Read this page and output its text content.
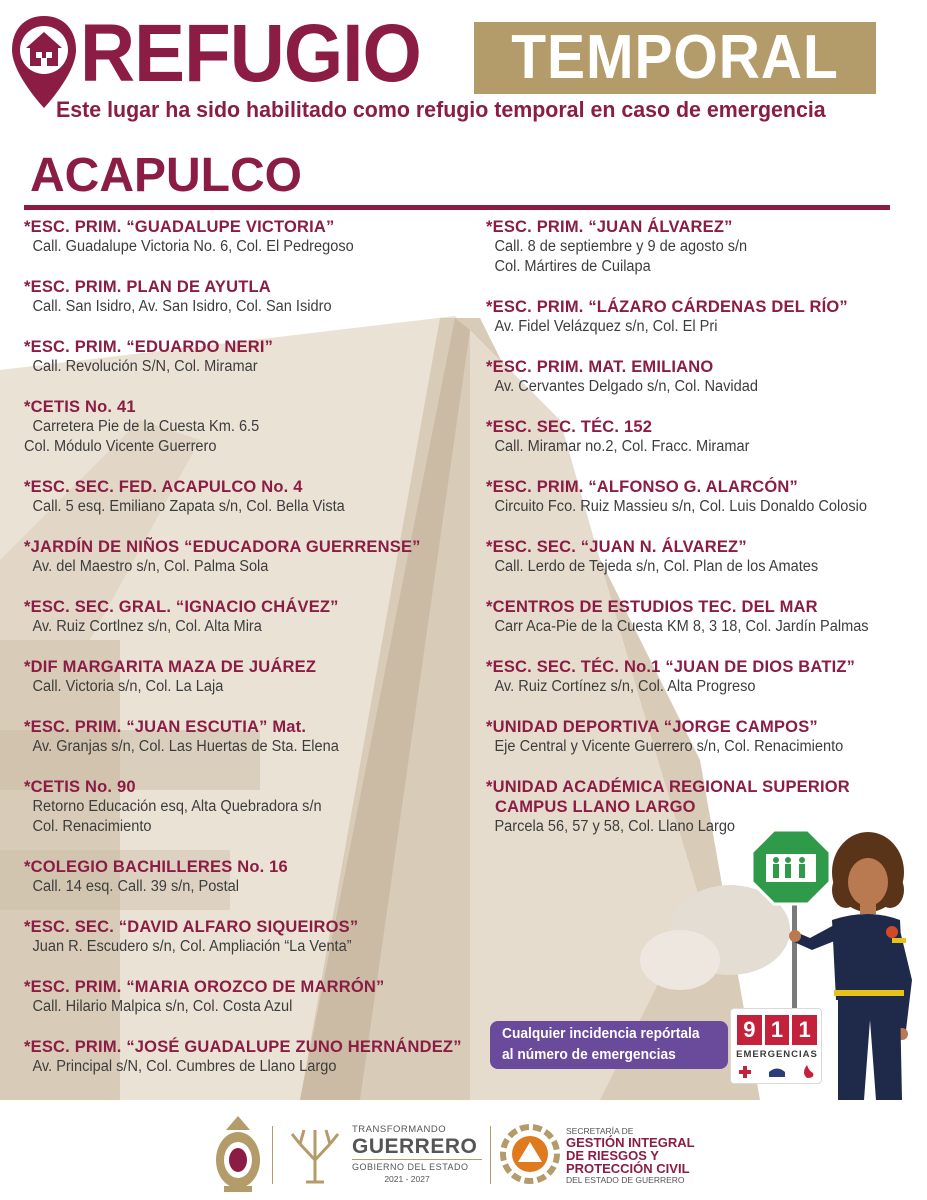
REFUGIO	TEMPORAL
Este lugar ha sido habilitado como refugio temporal en caso de emergencia
ACAPULCO
*ESC. PRIM. “GUADALUPE VICTORIA”
Call. Guadalupe Victoria No. 6, Col. El Pedregoso
*ESC. PRIM. PLAN DE AYUTLA
Call. San Isidro, Av. San Isidro, Col. San Isidro
*ESC. PRIM. “EDUARDO NERI”
Call. Revolución S/N, Col. Miramar
*CETIS No. 41
Carretera Pie de la Cuesta Km. 6.5
Col. Módulo Vicente Guerrero
*ESC. SEC. FED. ACAPULCO No. 4
Call. 5 esq. Emiliano Zapata s/n, Col. Bella Vista
*JARDÍN DE NIÑOS “EDUCADORA GUERRENSE”
Av. del Maestro s/n, Col. Palma Sola
*ESC. SEC. GRAL. “IGNACIO CHÁVEZ”
Av. Ruiz Cortlnez s/n, Col. Alta Mira
*DIF MARGARITA MAZA DE JUÁREZ
Call. Victoria s/n, Col. La Laja
*ESC. PRIM. “JUAN ESCUTIA” Mat.
Av. Granjas s/n, Col. Las Huertas de Sta. Elena
*CETIS No. 90
Retorno Educación esq, Alta Quebradora s/n
Col. Renacimiento
*COLEGIO BACHILLERES No. 16
Call. 14 esq. Call. 39 s/n, Postal
*ESC. SEC. “DAVID ALFARO SIQUEIROS”
Juan R. Escudero s/n, Col. Ampliación “La Venta”
*ESC. PRIM. “MARIA OROZCO DE MARRÓN”
Call. Hilario Malpica s/n, Col. Costa Azul
*ESC. PRIM. “JOSÉ GUADALUPE ZUNO HERNÁNDEZ”
Av. Principal s/N, Col. Cumbres de Llano Largo
*ESC. PRIM. “JUAN ÁLVAREZ”
Call. 8 de septiembre y 9 de agosto s/n
Col. Mártires de Cuilapa
*ESC. PRIM. “LÁZARO CÁRDENAS DEL RÍO”
Av. Fidel Velázquez s/n, Col. El Pri
*ESC. PRIM. MAT. EMILIANO
Av. Cervantes Delgado s/n, Col. Navidad
*ESC. SEC. TÉC. 152
Call. Miramar no.2, Col. Fracc. Miramar
*ESC. PRIM. “ALFONSO G. ALARCÓN”
Circuito Fco. Ruiz Massieu s/n, Col. Luis Donaldo Colosio
*ESC. SEC. “JUAN N. ÁLVAREZ”
Call. Lerdo de Tejeda s/n, Col. Plan de los Amates
*CENTROS DE ESTUDIOS TEC. DEL MAR
Carr Aca-Pie de la Cuesta KM 8, 3 18, Col. Jardín Palmas
*ESC. SEC. TÉC. No.1 “JUAN DE DIOS BATIZ”
Av. Ruiz Cortínez s/n, Col. Alta Progreso
*UNIDAD DEPORTIVA “JORGE CAMPOS”
Eje Central y Vicente Guerrero s/n, Col. Renacimiento
*UNIDAD ACADÉMICA REGIONAL SUPERIOR
CAMPUS LLANO LARGO
Parcela 56, 57 y 58, Col. Llano Largo
Cualquier incidencia repórtala
al número de emergencias
9 1 1
EMERGENCIAS
TRANSFORMANDO
GUERRERO
GOBIERNO DEL ESTADO
2021 - 2027
SECRETARÍA DE
GESTIÓN INTEGRAL
DE RIESGOS Y
PROTECCIÓN CIVIL
DEL ESTADO DE GUERRERO
